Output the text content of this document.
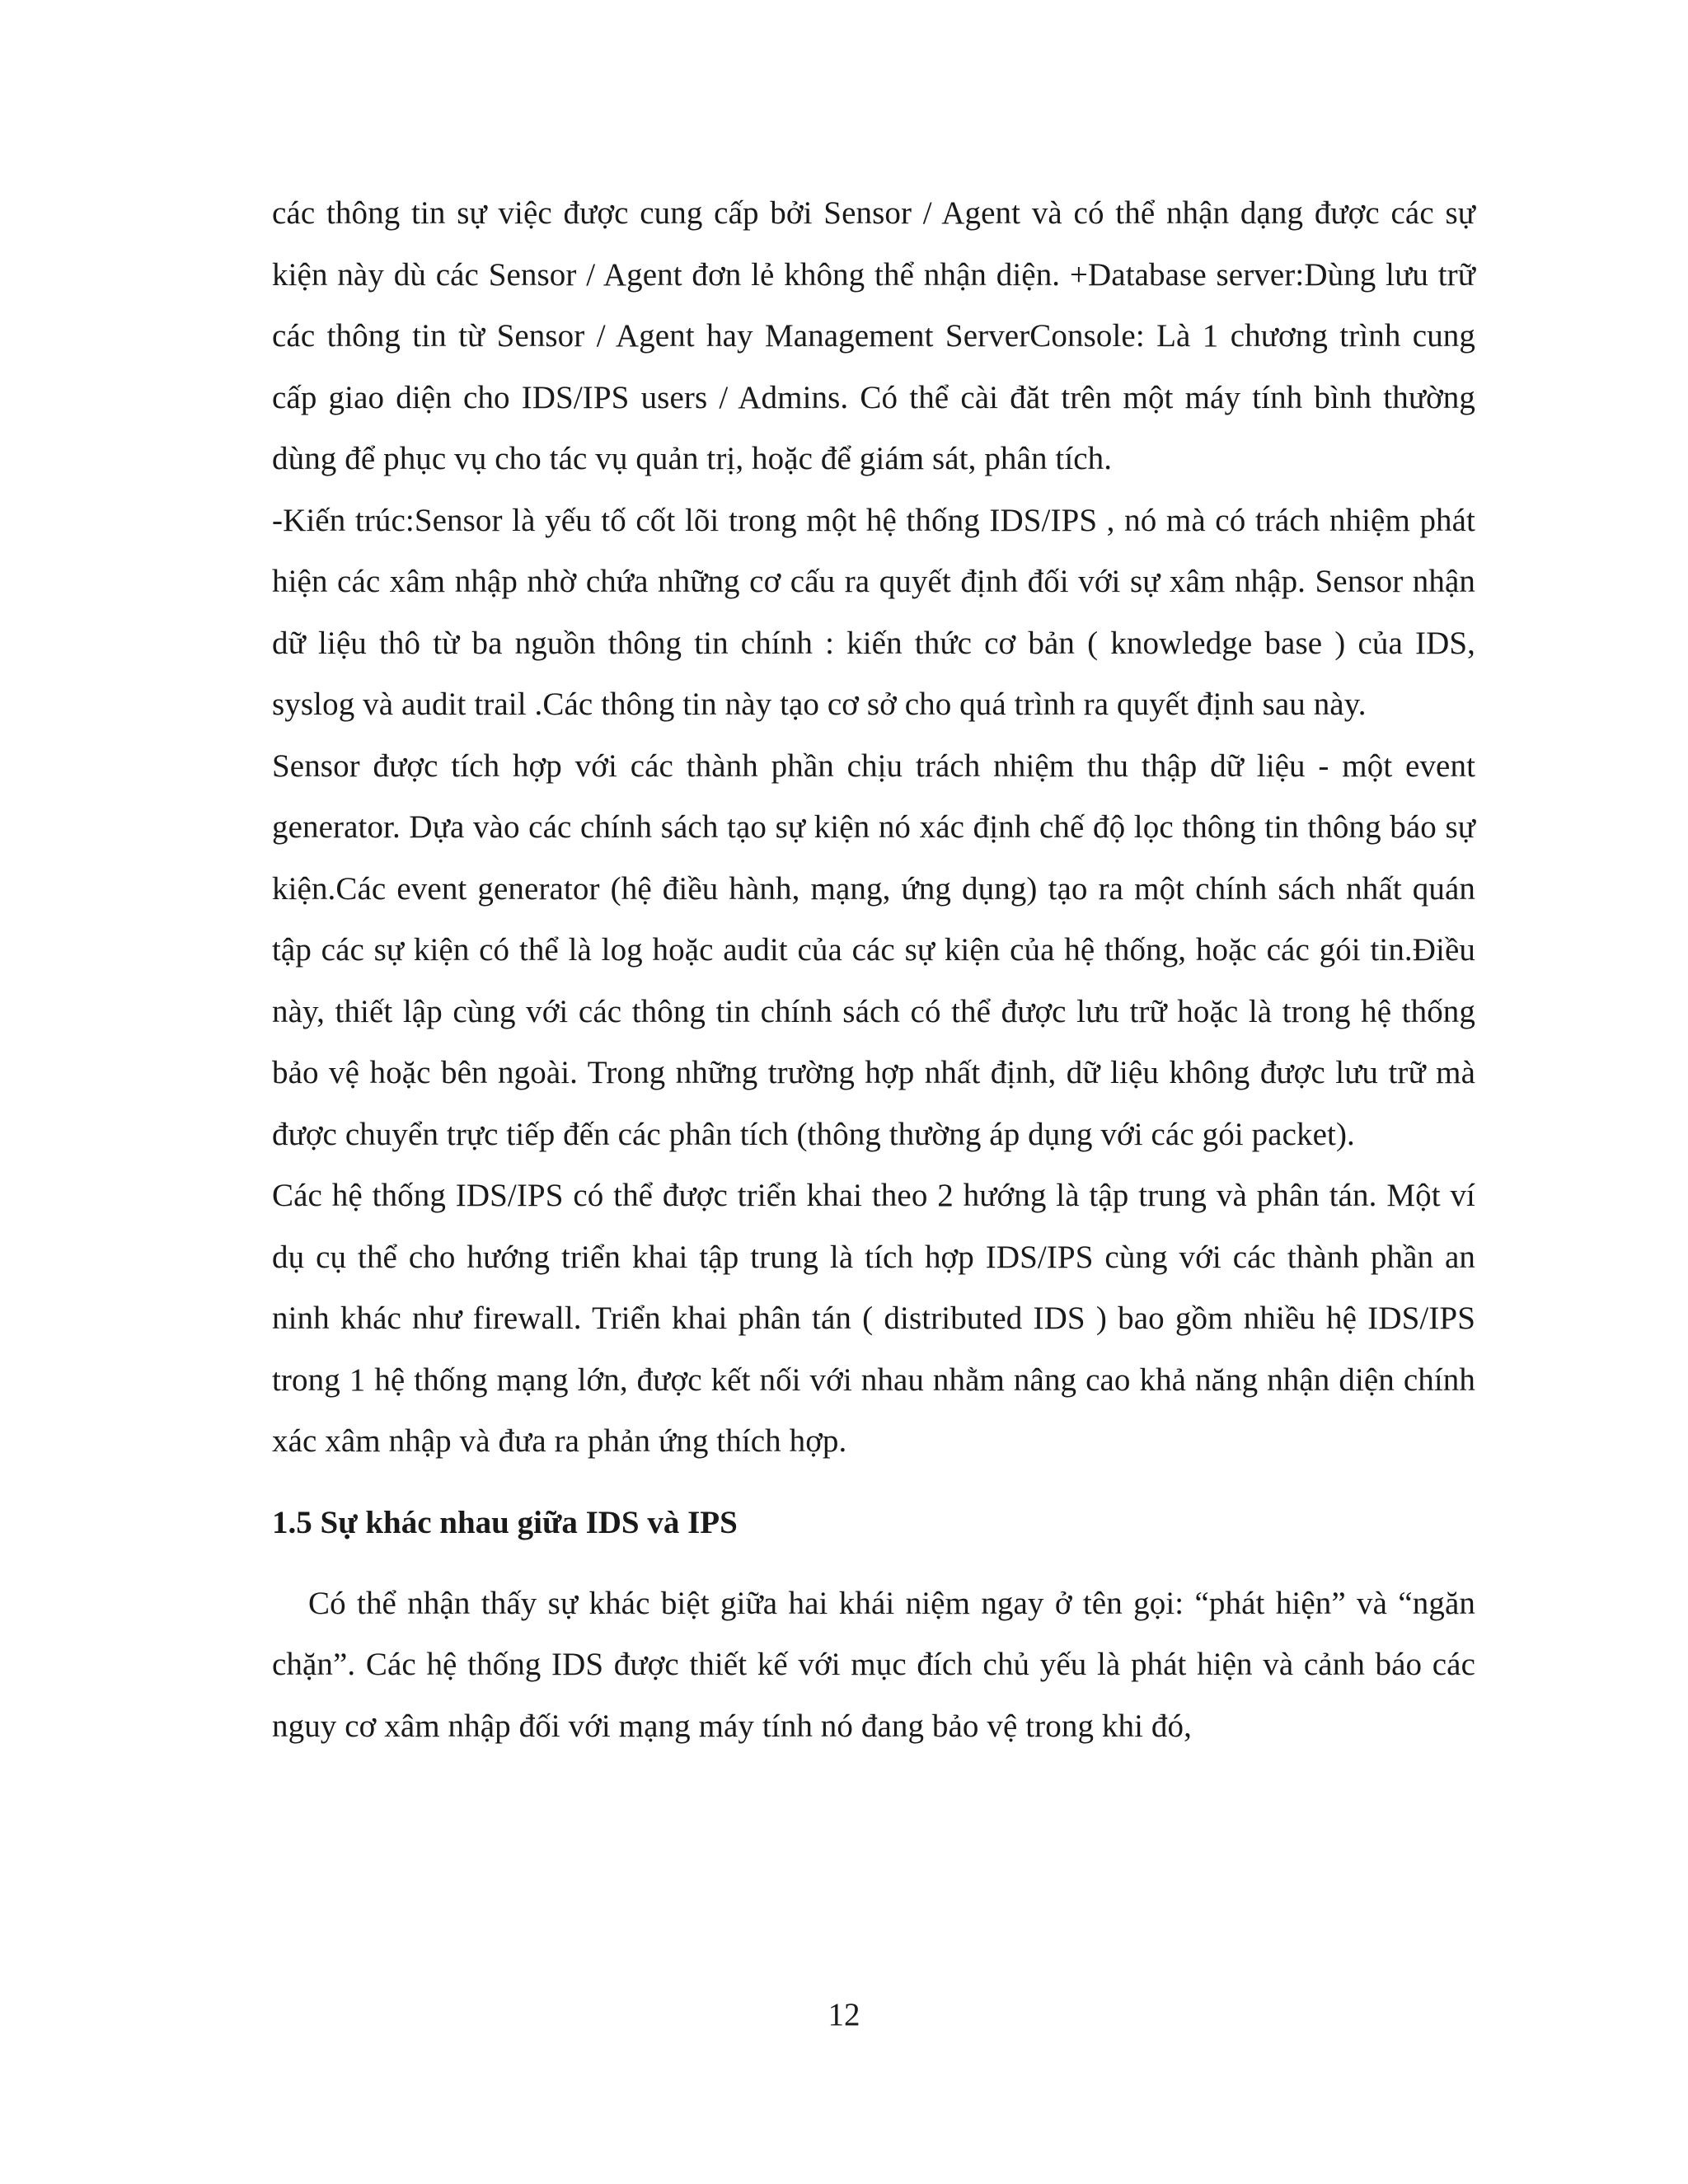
các thông tin sự việc được cung cấp bởi Sensor / Agent và có thể nhận dạng được các sự kiện này dù các Sensor / Agent đơn lẻ không thể nhận diện. +Database server:Dùng lưu trữ các thông tin từ Sensor / Agent hay Management ServerConsole: Là 1 chương trình cung cấp giao diện cho IDS/IPS users / Admins. Có thể cài đăt trên một máy tính bình thường dùng để phục vụ cho tác vụ quản trị, hoặc để giám sát, phân tích.

-Kiến trúc:Sensor là yếu tố cốt lõi trong một hệ thống IDS/IPS , nó mà có trách nhiệm phát hiện các xâm nhập nhờ chứa những cơ cấu ra quyết định đối với sự xâm nhập. Sensor nhận dữ liệu thô từ ba nguồn thông tin chính : kiến thức cơ bản ( knowledge base ) của IDS, syslog và audit trail .Các thông tin này tạo cơ sở cho quá trình ra quyết định sau này.

Sensor được tích hợp với các thành phần chịu trách nhiệm thu thập dữ liệu - một event generator. Dựa vào các chính sách tạo sự kiện nó xác định chế độ lọc thông tin thông báo sự kiện.Các event generator (hệ điều hành, mạng, ứng dụng) tạo ra một chính sách nhất quán tập các sự kiện có thể là log hoặc audit của các sự kiện của hệ thống, hoặc các gói tin.Điều này, thiết lập cùng với các thông tin chính sách có thể được lưu trữ hoặc là trong hệ thống bảo vệ hoặc bên ngoài. Trong những trường hợp nhất định, dữ liệu không được lưu trữ mà được chuyển trực tiếp đến các phân tích (thông thường áp dụng với các gói packet).

Các hệ thống IDS/IPS có thể được triển khai theo 2 hướng là tập trung và phân tán. Một ví dụ cụ thể cho hướng triển khai tập trung là tích hợp IDS/IPS cùng với các thành phần an ninh khác như firewall. Triển khai phân tán ( distributed IDS ) bao gồm nhiều hệ IDS/IPS trong 1 hệ thống mạng lớn, được kết nối với nhau nhằm nâng cao khả năng nhận diện chính xác xâm nhập và đưa ra phản ứng thích hợp.

1.5 Sự khác nhau giữa IDS và IPS

Có thể nhận thấy sự khác biệt giữa hai khái niệm ngay ở tên gọi: “phát hiện” và “ngăn chặn”. Các hệ thống IDS được thiết kế với mục đích chủ yếu là phát hiện và cảnh báo các nguy cơ xâm nhập đối với mạng máy tính nó đang bảo vệ trong khi đó,

12
